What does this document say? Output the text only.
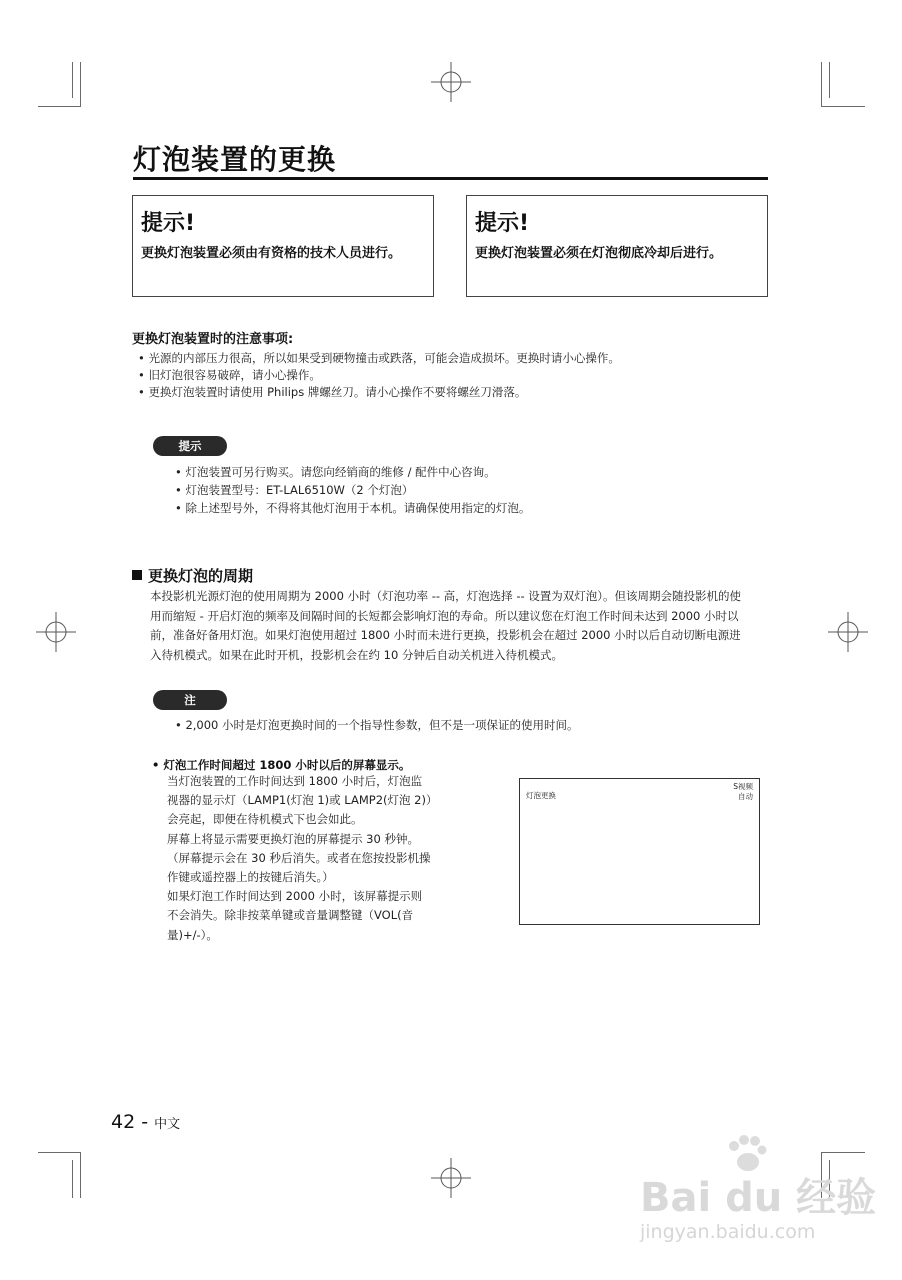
灯泡装置的更换
提示!
更换灯泡装置必须由有资格的技术人员进行。
提示!
更换灯泡装置必须在灯泡彻底冷却后进行。
更换灯泡装置时的注意事项:
• 光源的内部压力很高，所以如果受到硬物撞击或跌落，可能会造成损坏。更换时请小心操作。
• 旧灯泡很容易破碎，请小心操作。
• 更换灯泡装置时请使用 Philips 牌螺丝刀。请小心操作不要将螺丝刀滑落。
提示
• 灯泡装置可另行购买。请您向经销商的维修 / 配件中心咨询。
• 灯泡装置型号：ET-LAL6510W（2 个灯泡）
• 除上述型号外，不得将其他灯泡用于本机。请确保使用指定的灯泡。
更换灯泡的周期
本投影机光源灯泡的使用周期为 2000 小时（灯泡功率 -- 高，灯泡选择 -- 设置为双灯泡）。但该周期会随投影机的使
用而缩短 - 开启灯泡的频率及间隔时间的长短都会影响灯泡的寿命。所以建议您在灯泡工作时间未达到 2000 小时以
前，准备好备用灯泡。如果灯泡使用超过 1800 小时而未进行更换，投影机会在超过 2000 小时以后自动切断电源进
入待机模式。如果在此时开机，投影机会在约 10 分钟后自动关机进入待机模式。
注
• 2,000 小时是灯泡更换时间的一个指导性参数，但不是一项保证的使用时间。
• 灯泡工作时间超过 1800 小时以后的屏幕显示。
当灯泡装置的工作时间达到 1800 小时后，灯泡监
视器的显示灯（LAMP1(灯泡 1)或 LAMP2(灯泡 2)）
会亮起，即便在待机模式下也会如此。
屏幕上将显示需要更换灯泡的屏幕提示 30 秒钟。
（屏幕提示会在 30 秒后消失。或者在您按投影机操
作键或遥控器上的按键后消失。）
如果灯泡工作时间达到 2000 小时，该屏幕提示则
不会消失。除非按菜单键或音量调整键（VOL(音
量)+/-）。
灯泡更换
S视频
自动
42 - 中文
Bai du 经验
jingyan.baidu.com
